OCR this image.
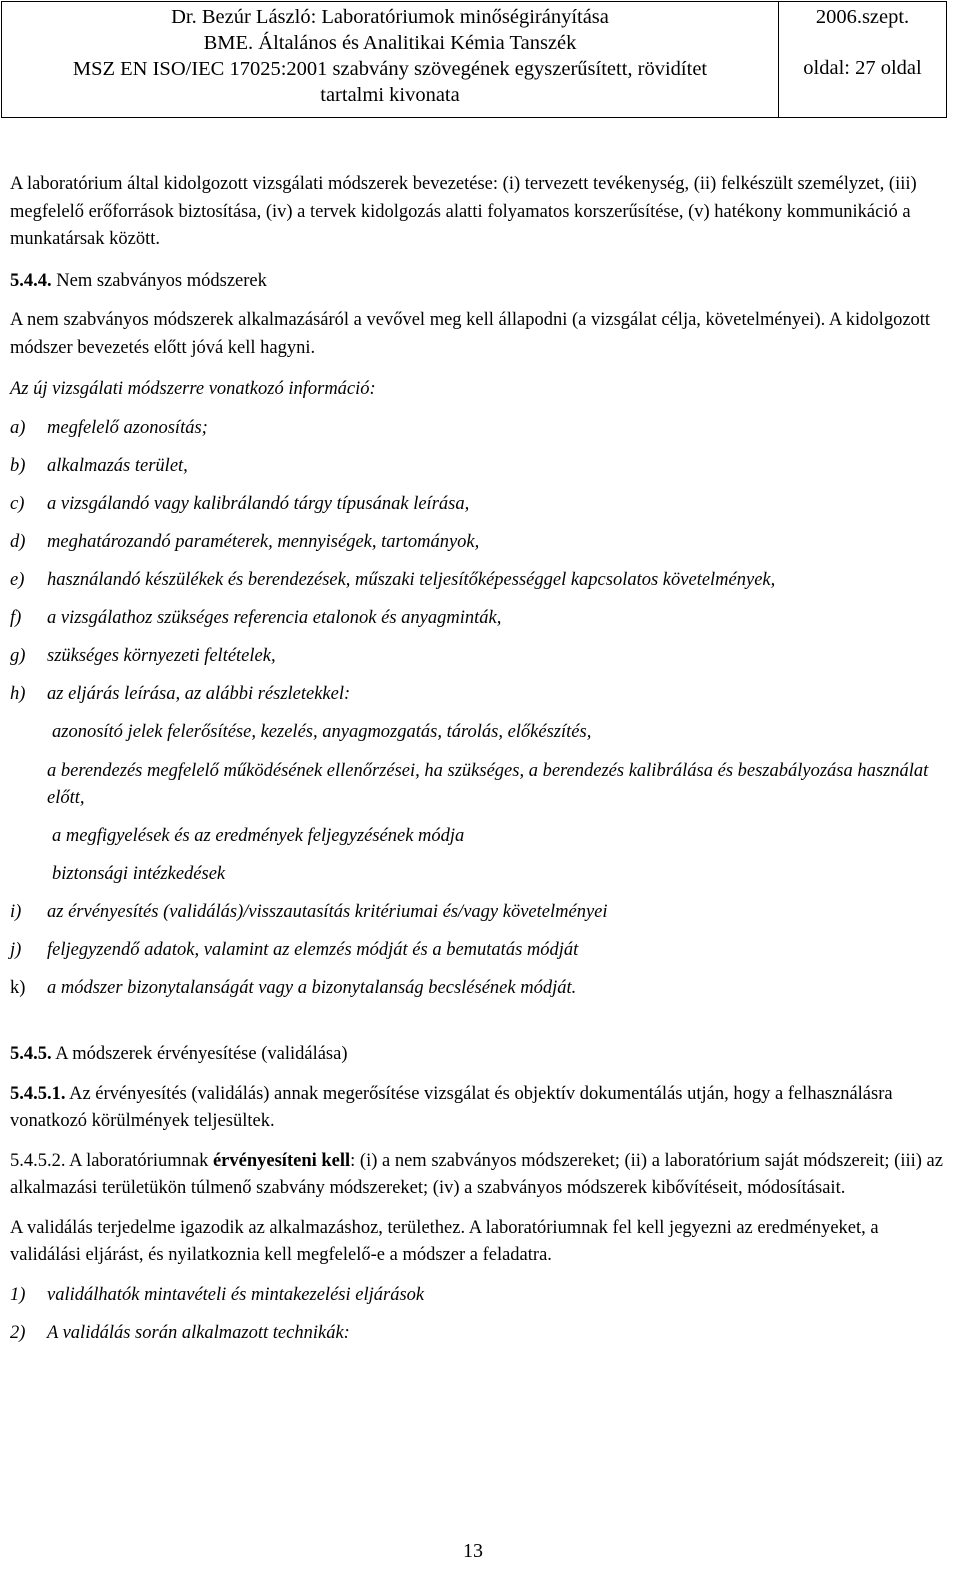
Dr. Bezúr László: Laboratóriumok minőségirányítása
BME. Általános és Analitikai Kémia Tanszék
MSZ EN ISO/IEC 17025:2001 szabvány szövegének egyszerűsített, rövidítet
tartalmi kivonata
2006.szept.
oldal: 27 oldal

A laboratórium által kidolgozott vizsgálati módszerek bevezetése: (i) tervezett tevékenység, (ii) felkészült személyzet, (iii) megfelelő erőforrások biztosítása, (iv) a tervek kidolgozás alatti folyamatos korszerűsítése, (v) hatékony kommunikáció a munkatársak között.

5.4.4. Nem szabványos módszerek

A nem szabványos módszerek alkalmazásáról a vevővel meg kell állapodni (a vizsgálat célja, követelményei). A kidolgozott módszer bevezetés előtt jóvá kell hagyni.

Az új vizsgálati módszerre vonatkozó információ:

a)	megfelelő azonosítás;
b)	alkalmazás terület,
c)	a vizsgálandó vagy kalibrálandó tárgy típusának leírása,
d)	meghatározandó paraméterek, mennyiségek, tartományok,
e)	használandó készülékek és berendezések, műszaki teljesítőképességgel kapcsolatos követelmények,
f)	a vizsgálathoz szükséges referencia etalonok és anyagminták,
g)	szükséges környezeti feltételek,
h)	az eljárás leírása, az alábbi részletekkel:
azonosító jelek felerősítése, kezelés, anyagmozgatás, tárolás, előkészítés,
a berendezés megfelelő működésének ellenőrzései, ha szükséges, a berendezés kalibrálása és beszabályozása használat előtt,
a megfigyelések és az eredmények feljegyzésének módja
biztonsági intézkedések
i)	az érvényesítés (validálás)/visszautasítás kritériumai és/vagy követelményei
j)	feljegyzendő adatok, valamint az elemzés módját és a bemutatás módját
k)	a módszer bizonytalanságát vagy a bizonytalanság becslésének módját.

5.4.5. A módszerek érvényesítése (validálása)

5.4.5.1. Az érvényesítés (validálás) annak megerősítése vizsgálat és objektív dokumentálás utján, hogy a felhasználásra vonatkozó körülmények teljesültek.

5.4.5.2. A laboratóriumnak érvényesíteni kell: (i) a nem szabványos módszereket; (ii) a laboratórium saját módszereit; (iii) az alkalmazási területükön túlmenő szabvány módszereket; (iv) a szabványos módszerek kibővítéseit, módosításait.

A validálás terjedelme igazodik az alkalmazáshoz, területhez. A laboratóriumnak fel kell jegyezni az eredményeket, a validálási eljárást, és nyilatkoznia kell megfelelő-e a módszer a feladatra.

1)	validálhatók mintavételi és mintakezelési eljárások
2)	A validálás során alkalmazott technikák:
13
